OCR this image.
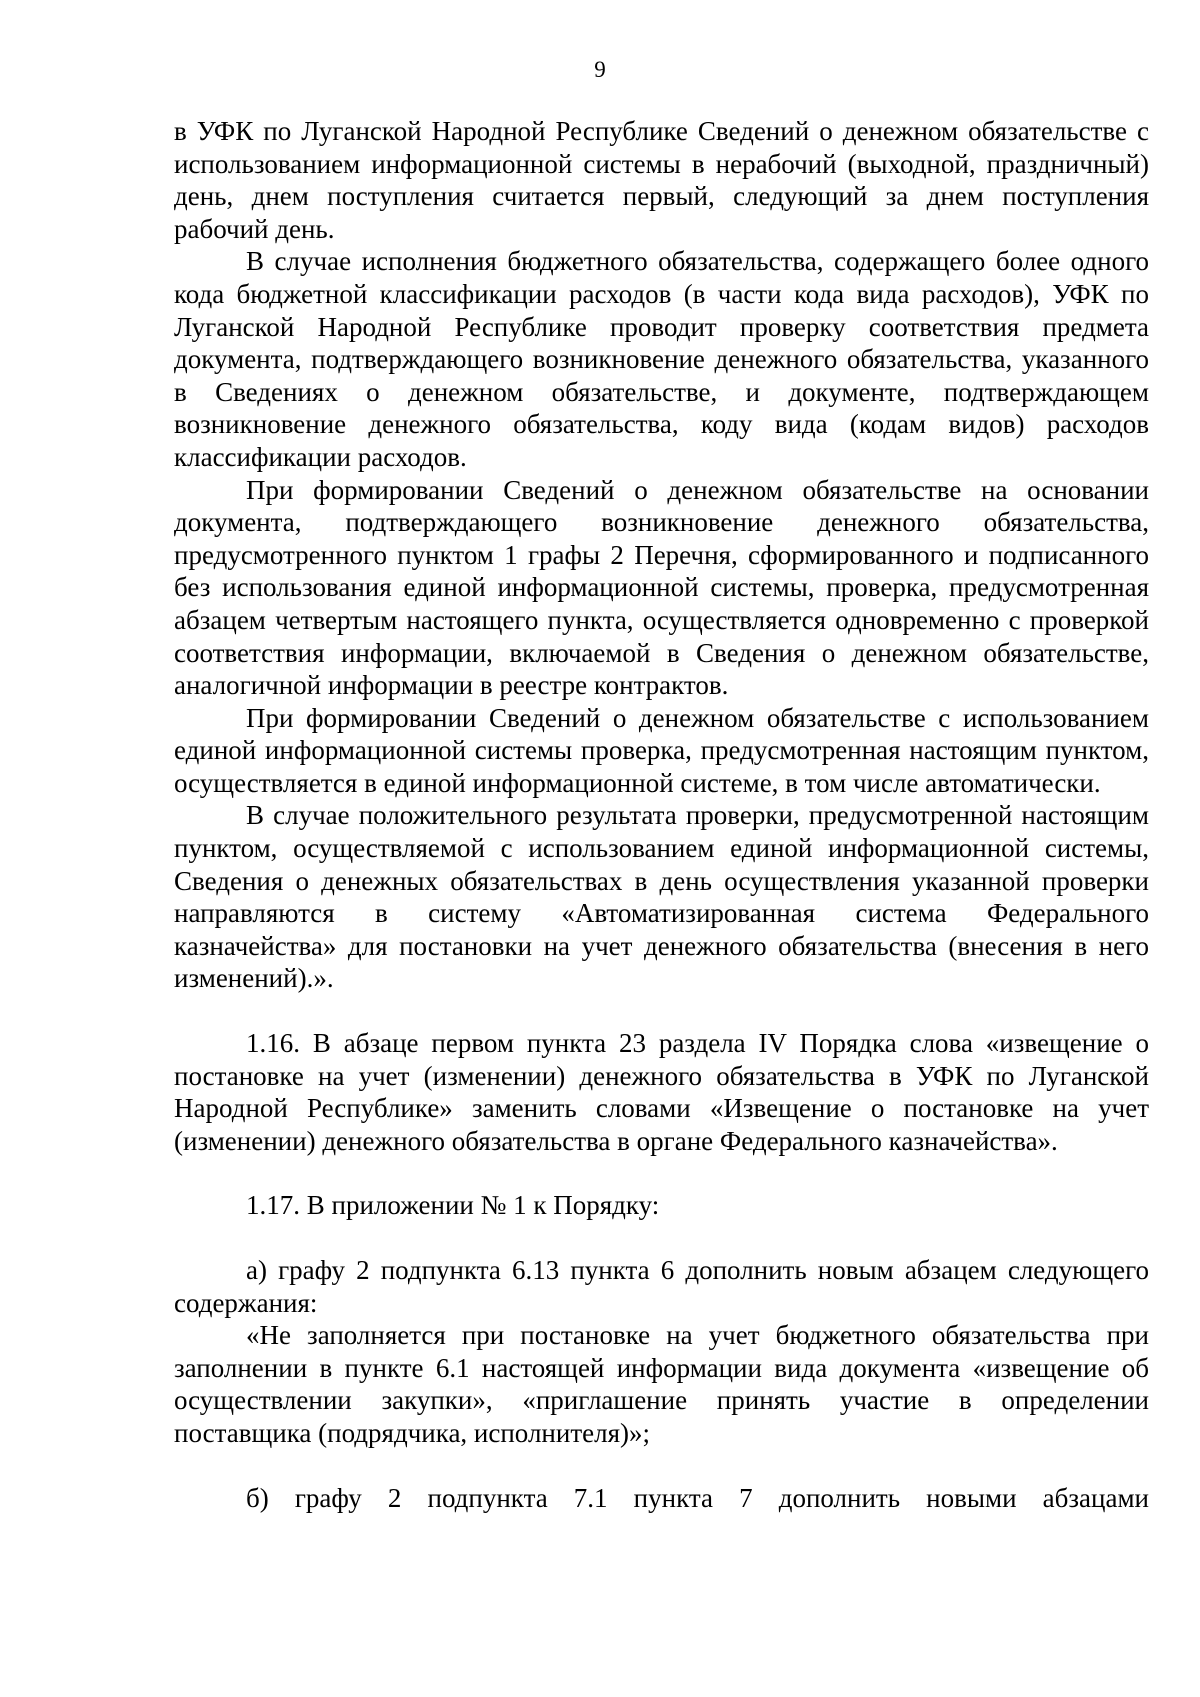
9

в УФК по Луганской Народной Республике Сведений о денежном обязательстве с использованием информационной системы в нерабочий (выходной, праздничный) день, днем поступления считается первый, следующий за днем поступления рабочий день.

В случае исполнения бюджетного обязательства, содержащего более одного кода бюджетной классификации расходов (в части кода вида расходов), УФК по Луганской Народной Республике проводит проверку соответствия предмета документа, подтверждающего возникновение денежного обязательства, указанного в Сведениях о денежном обязательстве, и документе, подтверждающем возникновение денежного обязательства, коду вида (кодам видов) расходов классификации расходов.

При формировании Сведений о денежном обязательстве на основании документа, подтверждающего возникновение денежного обязательства, предусмотренного пунктом 1 графы 2 Перечня, сформированного и подписанного без использования единой информационной системы, проверка, предусмотренная абзацем четвертым настоящего пункта, осуществляется одновременно с проверкой соответствия информации, включаемой в Сведения о денежном обязательстве, аналогичной информации в реестре контрактов.

При формировании Сведений о денежном обязательстве с использованием единой информационной системы проверка, предусмотренная настоящим пунктом, осуществляется в единой информационной системе, в том числе автоматически.

В случае положительного результата проверки, предусмотренной настоящим пунктом, осуществляемой с использованием единой информационной системы, Сведения о денежных обязательствах в день осуществления указанной проверки направляются в систему «Автоматизированная система Федерального казначейства» для постановки на учет денежного обязательства (внесения в него изменений).».

1.16. В абзаце первом пункта 23 раздела IV Порядка слова «извещение о постановке на учет (изменении) денежного обязательства в УФК по Луганской Народной Республике» заменить словами «Извещение о постановке на учет (изменении) денежного обязательства в органе Федерального казначейства».

1.17. В приложении № 1 к Порядку:

а) графу 2 подпункта 6.13 пункта 6 дополнить новым абзацем следующего содержания:

«Не заполняется при постановке на учет бюджетного обязательства при заполнении в пункте 6.1 настоящей информации вида документа «извещение об осуществлении закупки», «приглашение принять участие в определении поставщика (подрядчика, исполнителя)»;

б) графу 2 подпункта 7.1 пункта 7 дополнить новыми абзацами
